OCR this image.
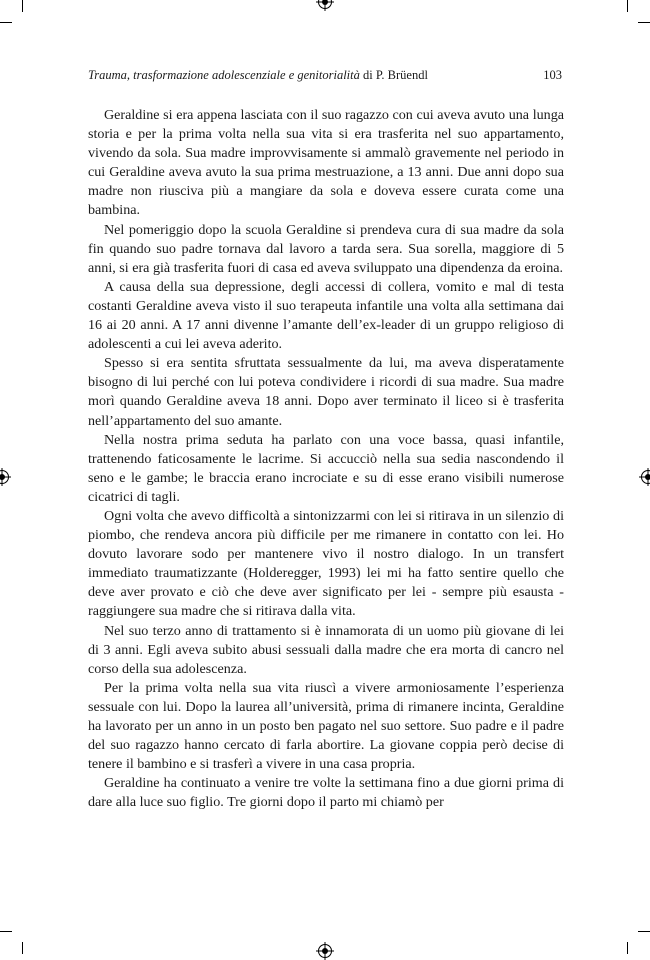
Trauma, trasformazione adolescenziale e genitorialità di P. Brüendl	103

Geraldine si era appena lasciata con il suo ragazzo con cui aveva avuto una lunga storia e per la prima volta nella sua vita si era trasferita nel suo appartamento, vivendo da sola. Sua madre improvvisamente si ammalò gravemente nel periodo in cui Geraldine aveva avuto la sua prima mestruazione, a 13 anni. Due anni dopo sua madre non riusciva più a mangiare da sola e doveva essere curata come una bambina.

Nel pomeriggio dopo la scuola Geraldine si prendeva cura di sua madre da sola fin quando suo padre tornava dal lavoro a tarda sera. Sua sorella, maggiore di 5 anni, si era già trasferita fuori di casa ed aveva sviluppato una dipendenza da eroina.

A causa della sua depressione, degli accessi di collera, vomito e mal di testa costanti Geraldine aveva visto il suo terapeuta infantile una volta alla settimana dai 16 ai 20 anni. A 17 anni divenne l’amante dell’ex-leader di un gruppo religioso di adolescenti a cui lei aveva aderito.

Spesso si era sentita sfruttata sessualmente da lui, ma aveva disperatamente bisogno di lui perché con lui poteva condividere i ricordi di sua madre. Sua madre morì quando Geraldine aveva 18 anni. Dopo aver terminato il liceo si è trasferita nell’appartamento del suo amante.

Nella nostra prima seduta ha parlato con una voce bassa, quasi infantile, trattenendo faticosamente le lacrime. Si accucciò nella sua sedia nascondendo il seno e le gambe; le braccia erano incrociate e su di esse erano visibili numerose cicatrici di tagli.

Ogni volta che avevo difficoltà a sintonizzarmi con lei si ritirava in un silenzio di piombo, che rendeva ancora più difficile per me rimanere in contatto con lei. Ho dovuto lavorare sodo per mantenere vivo il nostro dialogo. In un transfert immediato traumatizzante (Holderegger, 1993) lei mi ha fatto sentire quello che deve aver provato e ciò che deve aver significato per lei - sempre più esausta - raggiungere sua madre che si ritirava dalla vita.

Nel suo terzo anno di trattamento si è innamorata di un uomo più giovane di lei di 3 anni. Egli aveva subito abusi sessuali dalla madre che era morta di cancro nel corso della sua adolescenza.

Per la prima volta nella sua vita riuscì a vivere armoniosamente l’esperienza sessuale con lui. Dopo la laurea all’università, prima di rimanere incinta, Geraldine ha lavorato per un anno in un posto ben pagato nel suo settore. Suo padre e il padre del suo ragazzo hanno cercato di farla abortire. La giovane coppia però decise di tenere il bambino e si trasferì a vivere in una casa propria.

Geraldine ha continuato a venire tre volte la settimana fino a due giorni prima di dare alla luce suo figlio. Tre giorni dopo il parto mi chiamò per
